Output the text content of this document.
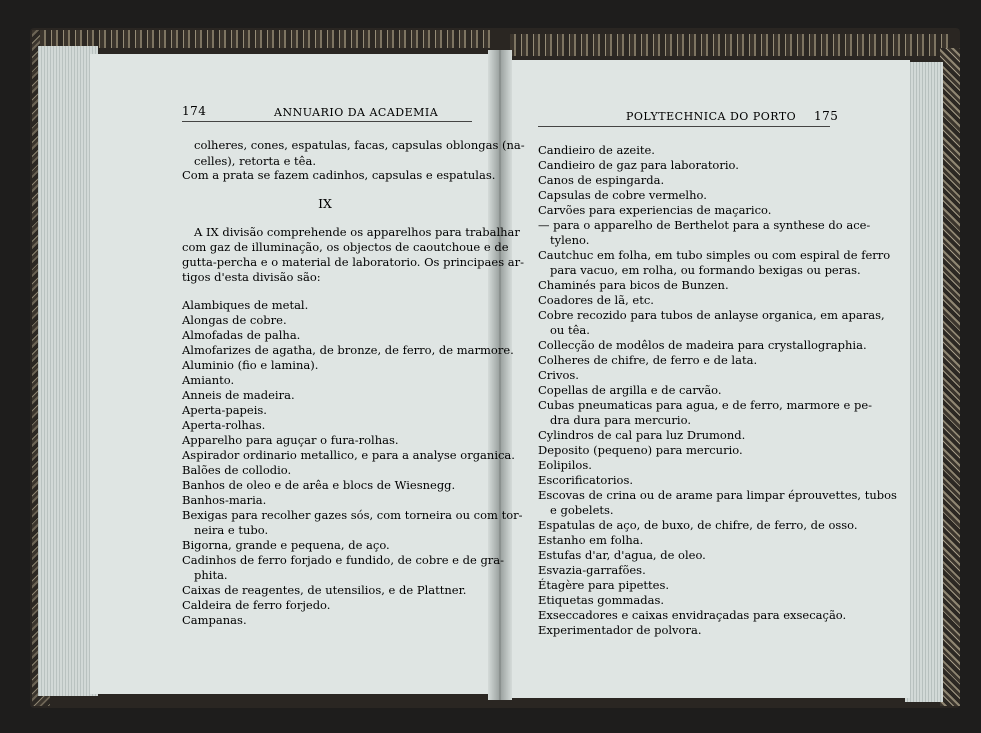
174	ANNUARIO DA ACADEMIA	POLYTECHNICA DO PORTO 175
colheres, cones, espatulas, facas, capsulas oblongas (na-
celles), retorta e têa.
Com a prata se fazem cadinhos, capsulas e espatulas.
IX
A IX divisão comprehende os apparelhos para trabalhar
com gaz de illuminação, os objectos de caoutchoue e de
gutta-percha e o material de laboratorio. Os principaes ar-
tigos d'esta divisão são:
Alambiques de metal.
Alongas de cobre.
Almofadas de palha.
Almofarizes de agatha, de bronze, de ferro, de marmore.
Aluminio (fio e lamina).
Amianto.
Anneis de madeira.
Aperta-papeis.
Aperta-rolhas.
Apparelho para aguçar o fura-rolhas.
Aspirador ordinario metallico, e para a analyse organica.
Balões de collodio.
Banhos de oleo e de arêa e blocs de Wiesnegg.
Banhos-maria.
Bexigas para recolher gazes sós, com torneira ou com tor-
neira e tubo.
Bigorna, grande e pequena, de aço.
Cadinhos de ferro forjado e fundido, de cobre e de gra-
phita.
Caixas de reagentes, de utensilios, e de Plattner.
Caldeira de ferro forjedo.
Campanas.
Candieiro de azeite.
Candieiro de gaz para laboratorio.
Canos de espingarda.
Capsulas de cobre vermelho.
Carvões para experiencias de maçarico.
— para o apparelho de Berthelot para a synthese do ace-
tyleno.
Cautchuc em folha, em tubo simples ou com espiral de ferro
para vacuo, em rolha, ou formando bexigas ou peras.
Chaminés para bicos de Bunzen.
Coadores de lã, etc.
Cobre recozido para tubos de anlayse organica, em aparas,
ou têa.
Collecção de modêlos de madeira para crystallographia.
Colheres de chifre, de ferro e de lata.
Crivos.
Copellas de argilla e de carvão.
Cubas pneumaticas para agua, e de ferro, marmore e pe-
dra dura para mercurio.
Cylindros de cal para luz Drumond.
Deposito (pequeno) para mercurio.
Eolipilos.
Escorificatorios.
Escovas de crina ou de arame para limpar éprouvettes, tubos
e gobelets.
Espatulas de aço, de buxo, de chifre, de ferro, de osso.
Estanho em folha.
Estufas d'ar, d'agua, de oleo.
Esvazia-garrafões.
Étagère para pipettes.
Etiquetas gommadas.
Exseccadores e caixas envidraçadas para exsecação.
Experimentador de polvora.
